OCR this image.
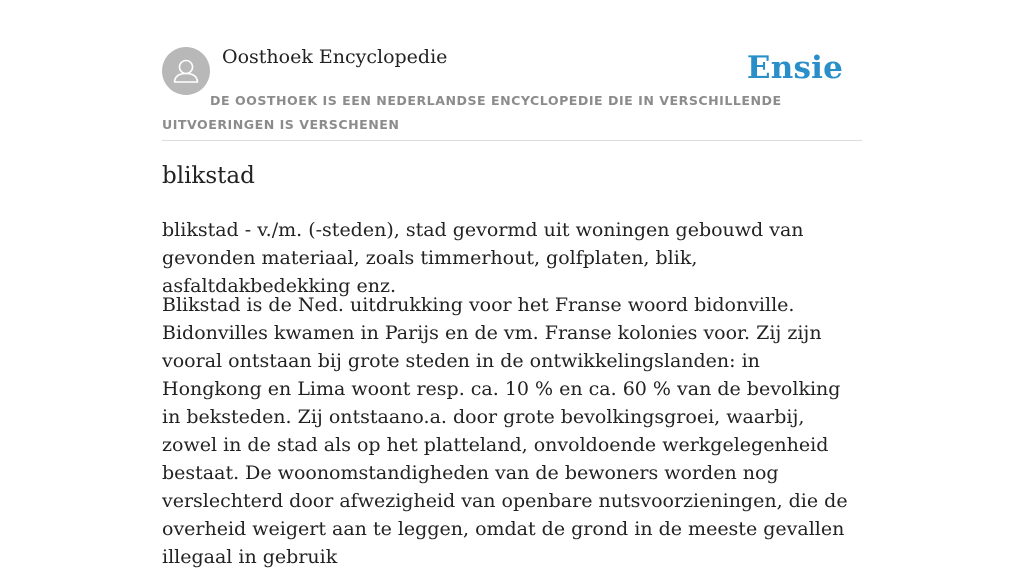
Oosthoek Encyclopedie	Ensie
DE OOSTHOEK IS EEN NEDERLANDSE ENCYCLOPEDIE DIE IN VERSCHILLENDE UITVOERINGEN IS VERSCHENEN
blikstad

blikstad - v./m. (-steden), stad gevormd uit woningen gebouwd van gevonden materiaal, zoals timmerhout, golfplaten, blik, asfaltdakbedekking enz.

Blikstad is de Ned. uitdrukking voor het Franse woord bidonville. Bidonvilles kwamen in Parijs en de vm. Franse kolonies voor. Zij zijn vooral ontstaan bij grote steden in de ontwikkelingslanden: in Hongkong en Lima woont resp. ca. 10 % en ca. 60 % van de bevolking in beksteden. Zij ontstaano.a. door grote bevolkingsgroei, waarbij, zowel in de stad als op het platteland, onvoldoende werkgelegenheid bestaat. De woonomstandigheden van de bewoners worden nog verslechterd door afwezigheid van openbare nutsvoorzieningen, die de overheid weigert aan te leggen, omdat de grond in de meeste gevallen illegaal in gebruik
